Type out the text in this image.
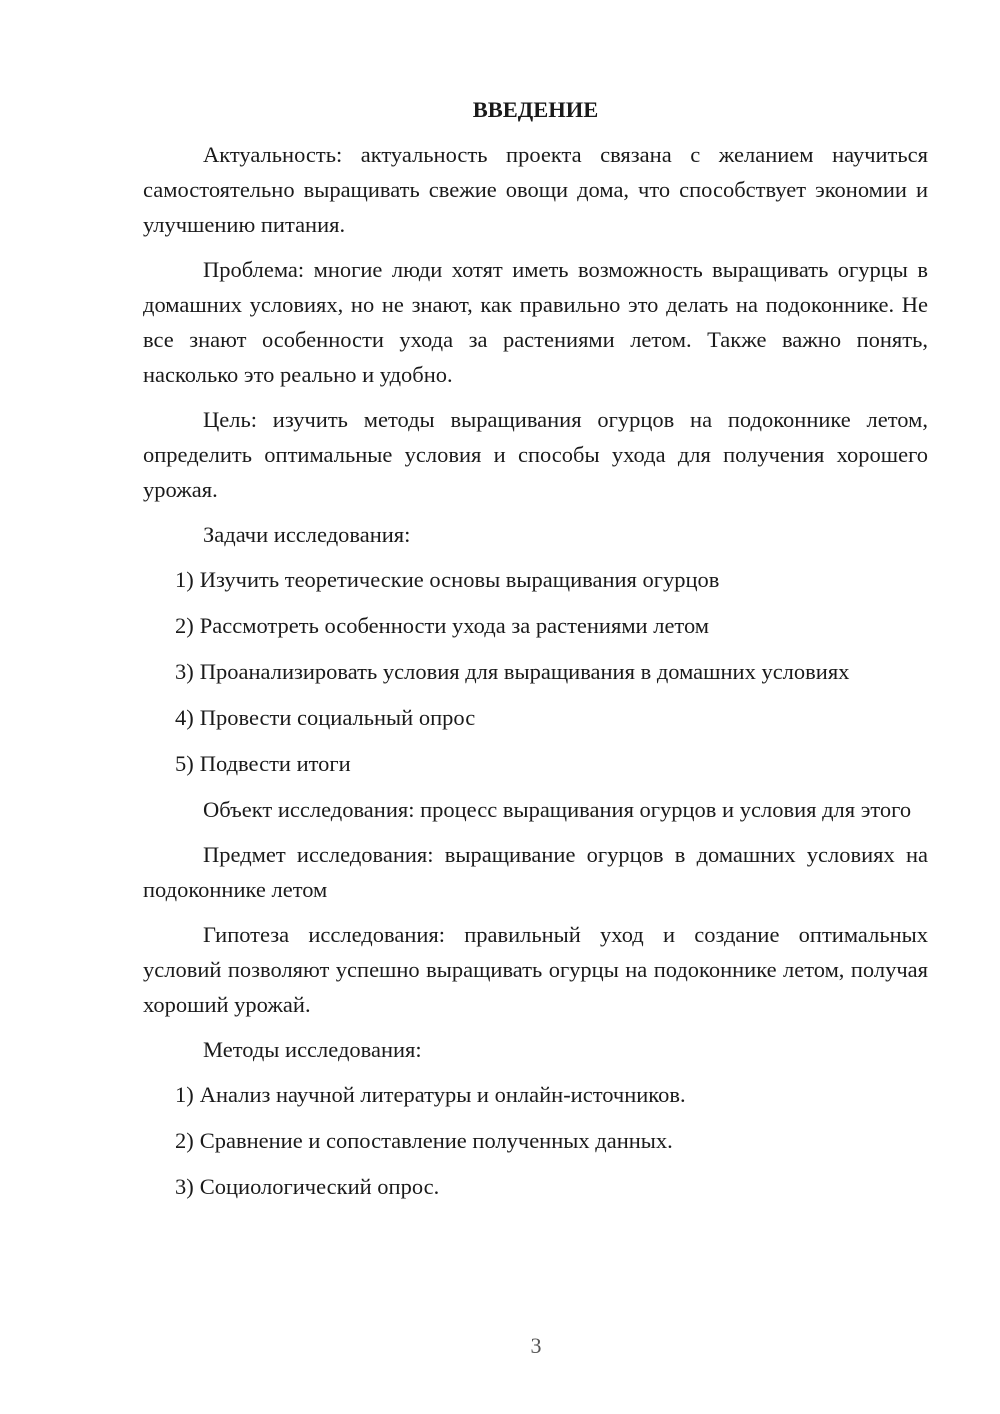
ВВЕДЕНИЕ

Актуальность: актуальность проекта связана с желанием научиться самостоятельно выращивать свежие овощи дома, что способствует экономии и улучшению питания.

Проблема: многие люди хотят иметь возможность выращивать огурцы в домашних условиях, но не знают, как правильно это делать на подоконнике. Не все знают особенности ухода за растениями летом. Также важно понять, насколько это реально и удобно.

Цель: изучить методы выращивания огурцов на подоконнике летом, определить оптимальные условия и способы ухода для получения хорошего урожая.

Задачи исследования:

1) Изучить теоретические основы выращивания огурцов
2) Рассмотреть особенности ухода за растениями летом
3) Проанализировать условия для выращивания в домашних условиях
4) Провести социальный опрос
5) Подвести итоги

Объект исследования: процесс выращивания огурцов и условия для этого

Предмет исследования: выращивание огурцов в домашних условиях на подоконнике летом

Гипотеза исследования: правильный уход и создание оптимальных условий позволяют успешно выращивать огурцы на подоконнике летом, получая хороший урожай.

Методы исследования:

1) Анализ научной литературы и онлайн-источников.
2) Сравнение и сопоставление полученных данных.
3) Социологический опрос.
3
